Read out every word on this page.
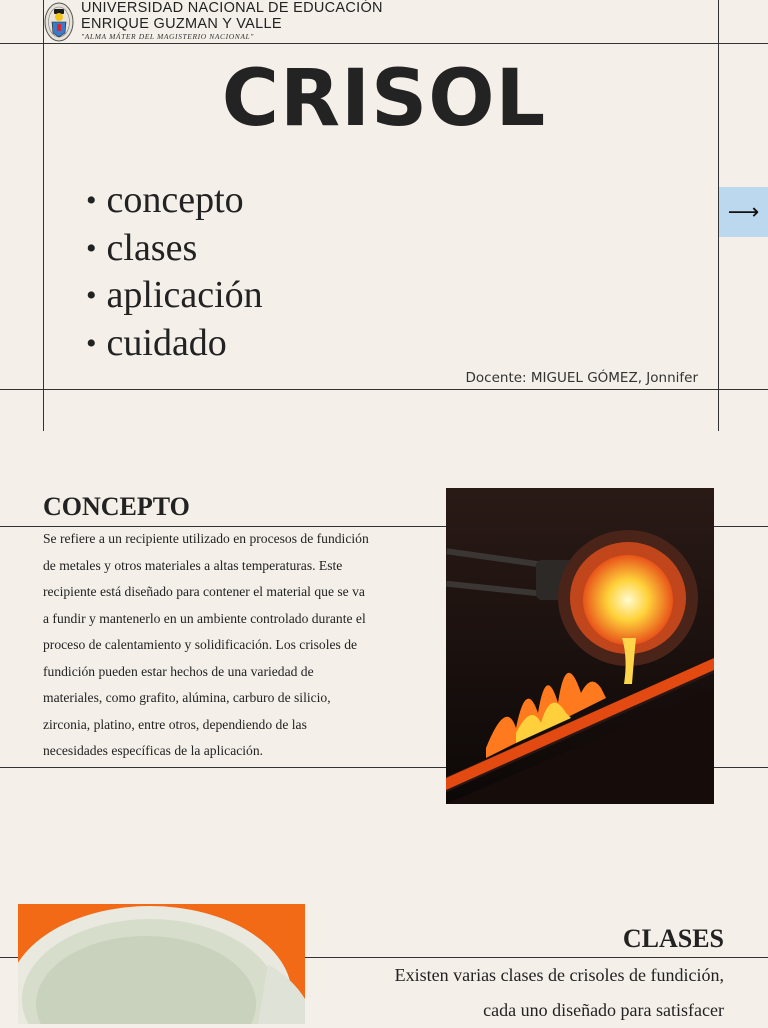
UNIVERSIDAD NACIONAL DE EDUCACIÓN
ENRIQUE GUZMAN Y VALLE
"ALMA MÁTER DEL MAGISTERIO NACIONAL"
CRISOL
• concepto
• clases
• aplicación
• cuidado
Docente: MIGUEL GÓMEZ, Jonnifer
⟶
CONCEPTO
Se refiere a un recipiente utilizado en procesos de fundición
de metales y otros materiales a altas temperaturas. Este
recipiente está diseñado para contener el material que se va
a fundir y mantenerlo en un ambiente controlado durante el
proceso de calentamiento y solidificación. Los crisoles de
fundición pueden estar hechos de una variedad de
materiales, como grafito, alúmina, carburo de silicio,
zirconia, platino, entre otros, dependiendo de las
necesidades específicas de la aplicación.
CLASES
Existen varias clases de crisoles de fundición,
cada uno diseñado para satisfacer
